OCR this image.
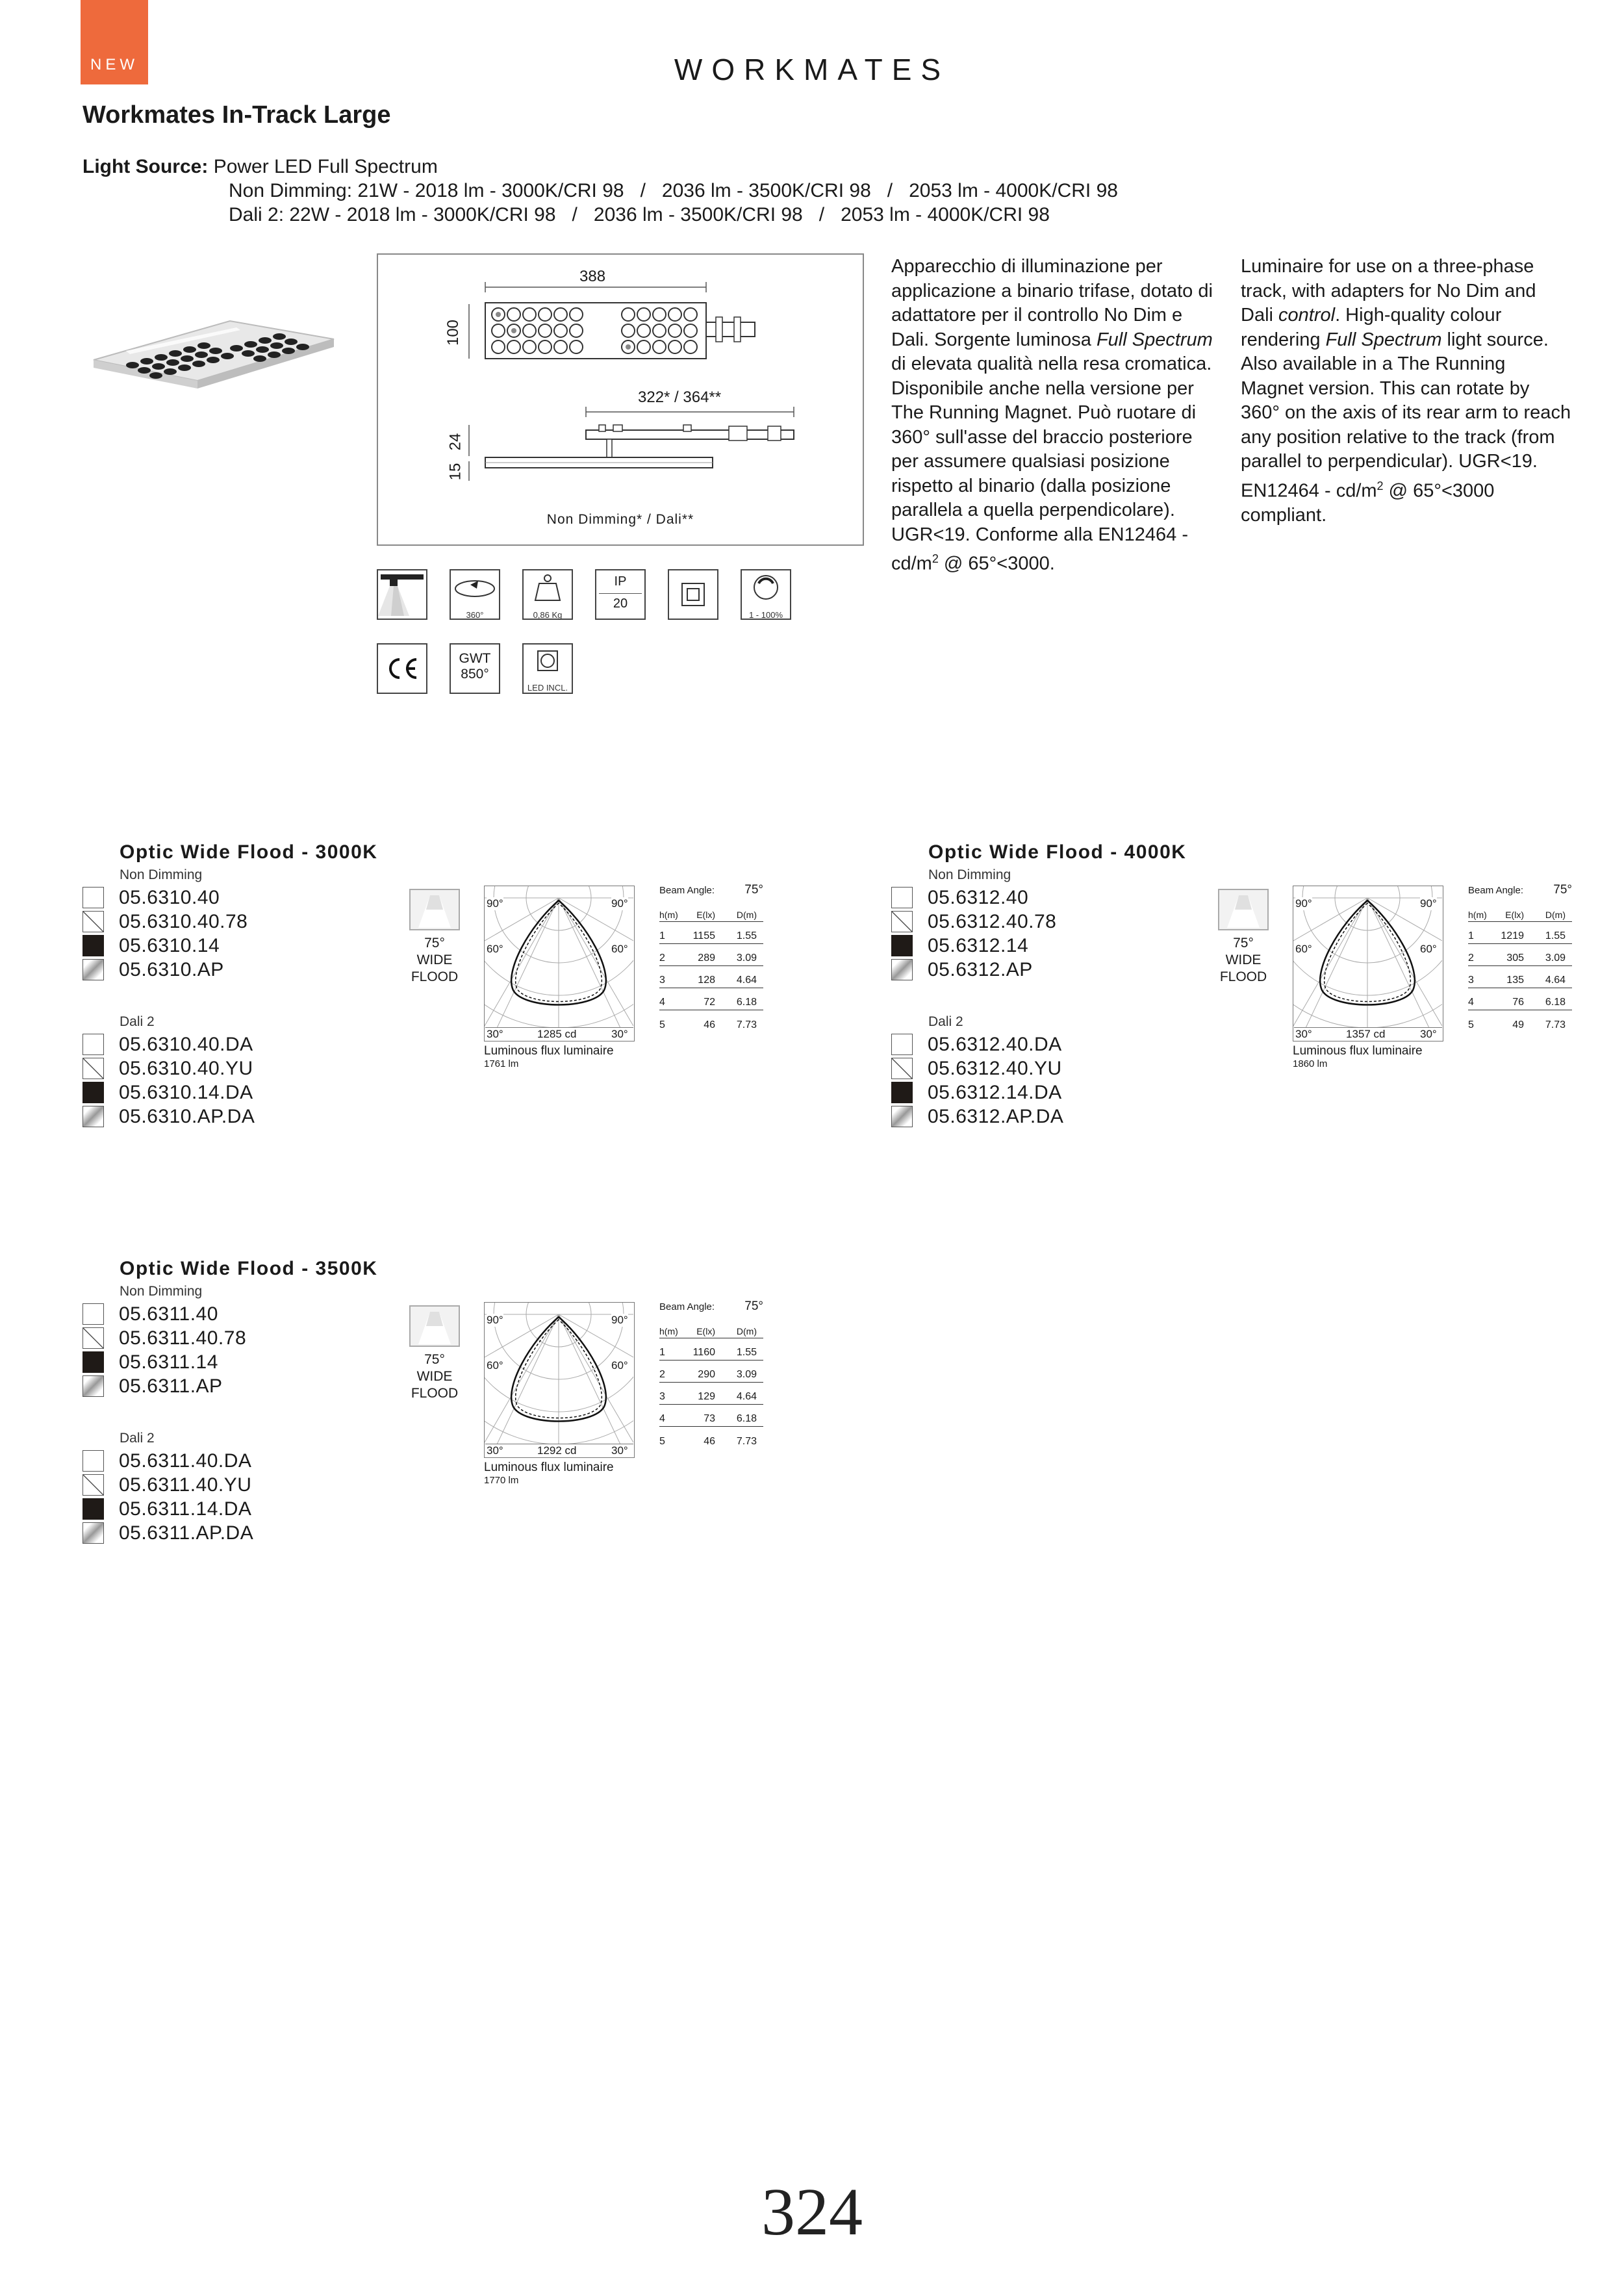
NEW	WORKMATES
Workmates In-Track Large
Light Source: Power LED Full Spectrum
Non Dimming: 21W - 2018 lm - 3000K/CRI 98   /   2036 lm - 3500K/CRI 98   /   2053 lm - 4000K/CRI 98
Dali 2: 22W - 2018 lm - 3000K/CRI 98   /   2036 lm - 3500K/CRI 98   /   2053 lm - 4000K/CRI 98
388
100
322* / 364**
24
15
Non Dimming* / Dali**
360°	0,86 Kg
IP
20
1 - 100%
GWT
850°
LED INCL.
Apparecchio di illuminazione per applicazione a binario trifase, dotato di adattatore per il controllo No Dim e Dali. Sorgente luminosa Full Spectrum di elevata qualità nella resa cromatica. Disponibile anche nella versione per The Running Magnet. Può ruotare di 360° sull'asse del braccio posteriore per assumere qualsiasi posizione rispetto al binario (dalla posizione parallela a quella perpendicolare). UGR<19. Conforme alla $EN12464 - cd/m^2$ @ 65°<3000.
Luminaire for use on a three-phase track, with adapters for No Dim and Dali control. High-quality colour rendering Full Spectrum light source. Also available in a The Running Magnet version. This can rotate by 360° on the axis of its rear arm to reach any position relative to the track (from parallel to perpendicular). UGR<19. $EN12464 - cd/m^2$ @ 65°<3000 compliant.
Optic Wide Flood - 3000K
Non Dimming
05.6310.40
05.6310.40.78
05.6310.14
05.6310.AP
Dali 2
05.6310.40.DA
05.6310.40.YU
05.6310.14.DA
05.6310.AP.DA
75°
WIDE
FLOOD
90°	90°
60°	60°
30°	1285 cd	30°
Luminous flux luminaire
1761 lm
Beam Angle: 75°
h(m)	E(lx)	D(m)
1	1155	1.55
2	289	3.09
3	128	4.64
4	72	6.18
5	46	7.73
Optic Wide Flood - 4000K
Non Dimming
05.6312.40
05.6312.40.78
05.6312.14
05.6312.AP
Dali 2
05.6312.40.DA
05.6312.40.YU
05.6312.14.DA
05.6312.AP.DA
75°
WIDE
FLOOD
90°	90°
60°	60°
30°	1357 cd	30°
Luminous flux luminaire
1860 lm
Beam Angle: 75°
h(m)	E(lx)	D(m)
1	1219	1.55
2	305	3.09
3	135	4.64
4	76	6.18
5	49	7.73
Optic Wide Flood - 3500K
Non Dimming
05.6311.40
05.6311.40.78
05.6311.14
05.6311.AP
Dali 2
05.6311.40.DA
05.6311.40.YU
05.6311.14.DA
05.6311.AP.DA
75°
WIDE
FLOOD
90°	90°
60°	60°
30°	1292 cd	30°
Luminous flux luminaire
1770 lm
Beam Angle: 75°
h(m)	E(lx)	D(m)
1	1160	1.55
2	290	3.09
3	129	4.64
4	73	6.18
5	46	7.73
324
